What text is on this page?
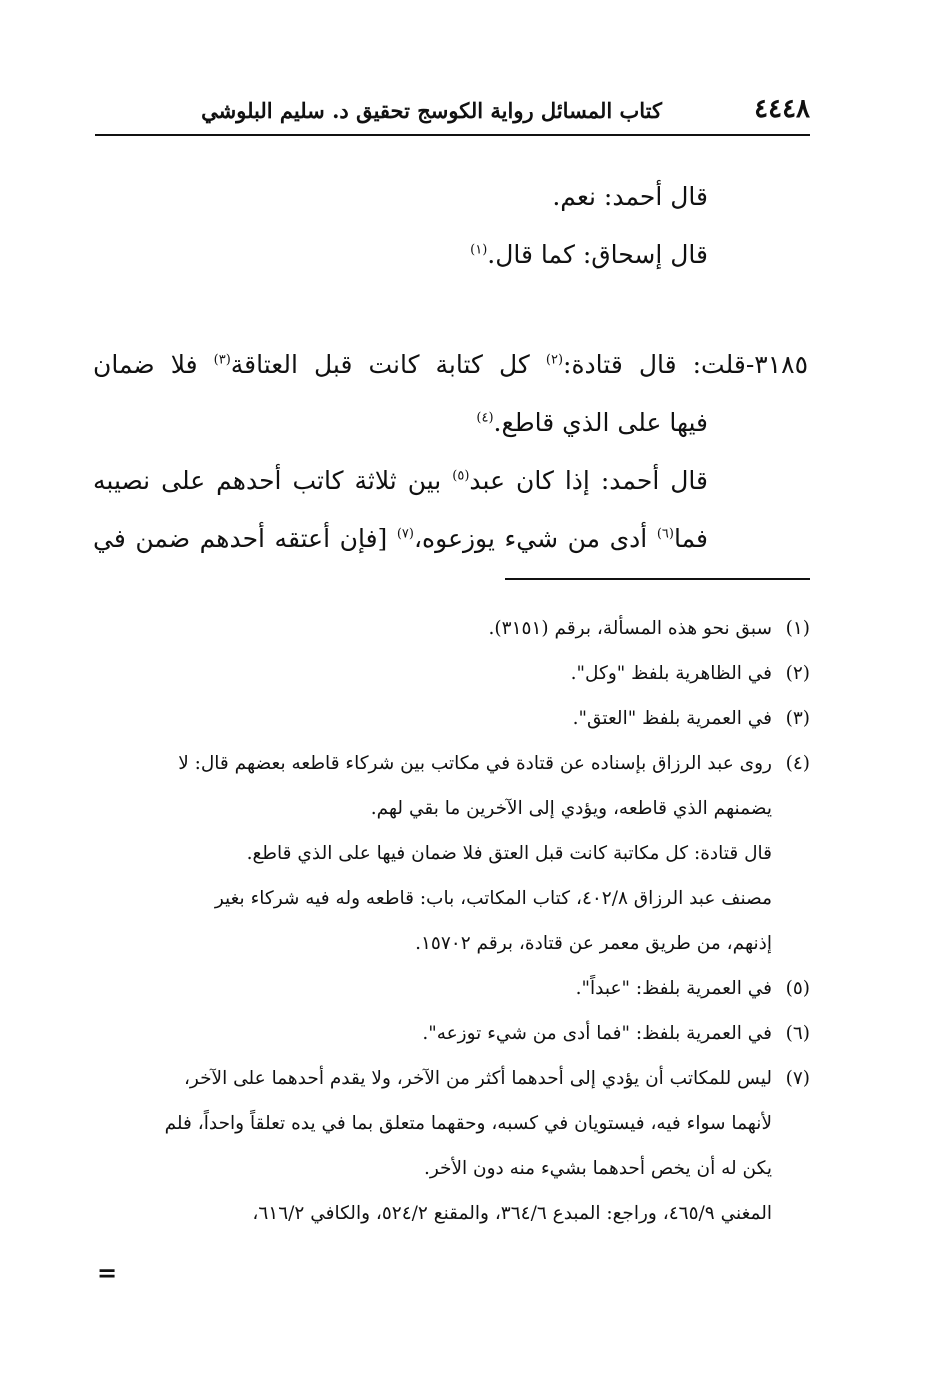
٤٤٤٨
كتاب المسائل رواية الكوسج تحقيق د. سليم البلوشي

قال أحمد: نعم.

قال إسحاق: كما قال.$^{(١)}$

٣١٨٥-قلت: قال قتادة:$^{(٢)}$ كل كتابة كانت قبل العتاقة$^{(٣)}$ فلا ضمان

فيها على الذي قاطع.$^{(٤)}$

قال أحمد: إذا كان عبد$^{(٥)}$ بين ثلاثة كاتب أحدهم على نصيبه

فما$^{(٦)}$ أدى من شيء يوزعوه،$^{(٧)}$ [فإن أعتقه أحدهم ضمن في

(١)
سبق نحو هذه المسألة، برقم (٣١٥١).
(٢)
في الظاهرية بلفظ "وكل".
(٣)
في العمرية بلفظ "العتق".
(٤)
روى عبد الرزاق بإسناده عن قتادة في مكاتب بين شركاء قاطعه بعضهم قال: لا
يضمنهم الذي قاطعه، ويؤدي إلى الآخرين ما بقي لهم.
قال قتادة: كل مكاتبة كانت قبل العتق فلا ضمان فيها على الذي قاطع.
مصنف عبد الرزاق ٤٠٢/٨، كتاب المكاتب، باب: قاطعه وله فيه شركاء بغير
إذنهم، من طريق معمر عن قتادة، برقم ١٥٧٠٢.
(٥)
في العمرية بلفظ: "عبداً".
(٦)
في العمرية بلفظ: "فما أدى من شيء توزعه".
(٧)
ليس للمكاتب أن يؤدي إلى أحدهما أكثر من الآخر، ولا يقدم أحدهما على الآخر،
لأنهما سواء فيه، فيستويان في كسبه، وحقهما متعلق بما في يده تعلقاً واحداً، فلم
يكن له أن يخص أحدهما بشيء منه دون الأخر.
المغني ٤٦٥/٩، وراجع: المبدع ٣٦٤/٦، والمقنع ٥٢٤/٢، والكافي ٦١٦/٢،
=
